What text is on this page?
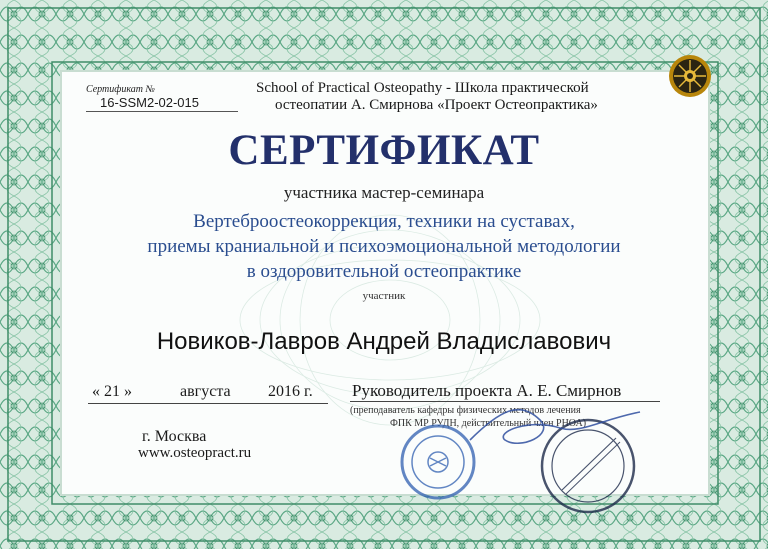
Сертификат №
16-SSM2-02-015
School of Practical Osteopathy - Школа практической
остеопатии А. Смирнова «Проект Остеопрактика»
СЕРТИФИКАТ
участника мастер-семинара
Вертеброостеокоррекция, техники на суставах,
приемы краниальной и психоэмоциональной методологии
в оздоровительной остеопрактике
участник
Новиков-Лавров Андрей Владиславович
« 21 »	августа 2016 г. Руководитель проекта А. Е. Смирнов
(преподаватель кафедры физических методов лечения
ФПК МР РУДН, действительный член РНОА)
г. Москва
www.osteopract.ru
